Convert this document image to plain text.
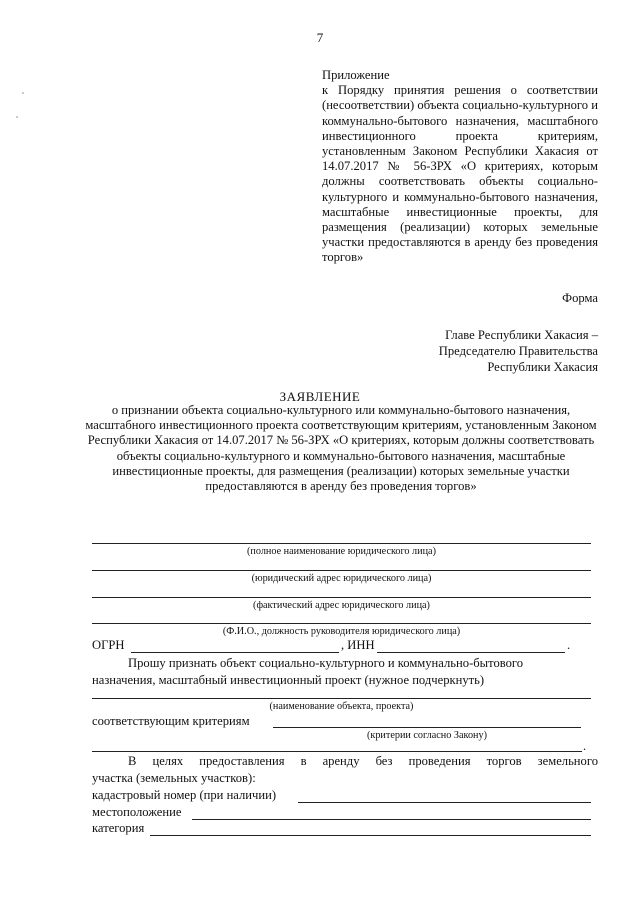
7
Приложение
к Порядку принятия решения о соответствии (несоответствии) объекта социально-культурного и коммунально-бытового назначения, масштабного инвестиционного проекта критериям, установленным Законом Республики Хакасия от 14.07.2017 № 56-ЗРХ «О критериях, которым должны соответствовать объекты социально-культурного и коммунально-бытового назначения, масштабные инвестиционные проекты, для размещения (реализации) которых земельные участки предоставляются в аренду без проведения торгов»
Форма
Главе Республики Хакасия –
Председателю Правительства
Республики Хакасия
ЗАЯВЛЕНИЕ
о признании объекта социально-культурного или коммунально-бытового назначения, масштабного инвестиционного проекта соответствующим критериям, установленным Законом Республики Хакасия от 14.07.2017 № 56-ЗРХ «О критериях, которым должны соответствовать объекты социально-культурного и коммунально-бытового назначения, масштабные инвестиционные проекты, для размещения (реализации) которых земельные участки предоставляются в аренду без проведения торгов»
(полное наименование юридического лица)
(юридический адрес юридического лица)
(фактический адрес юридического лица)
(Ф.И.О., должность руководителя юридического лица)
ОГРН	, ИНН	.
Прошу признать объект социально-культурного и коммунально-бытового
назначения, масштабный инвестиционный проект (нужное подчеркнуть)
(наименование объекта, проекта)
соответствующим критериям
(критерии согласно Закону)
.
В целях предоставления в аренду без проведения торгов земельного
участка (земельных участков):
кадастровый номер (при наличии)
местоположение
категория
